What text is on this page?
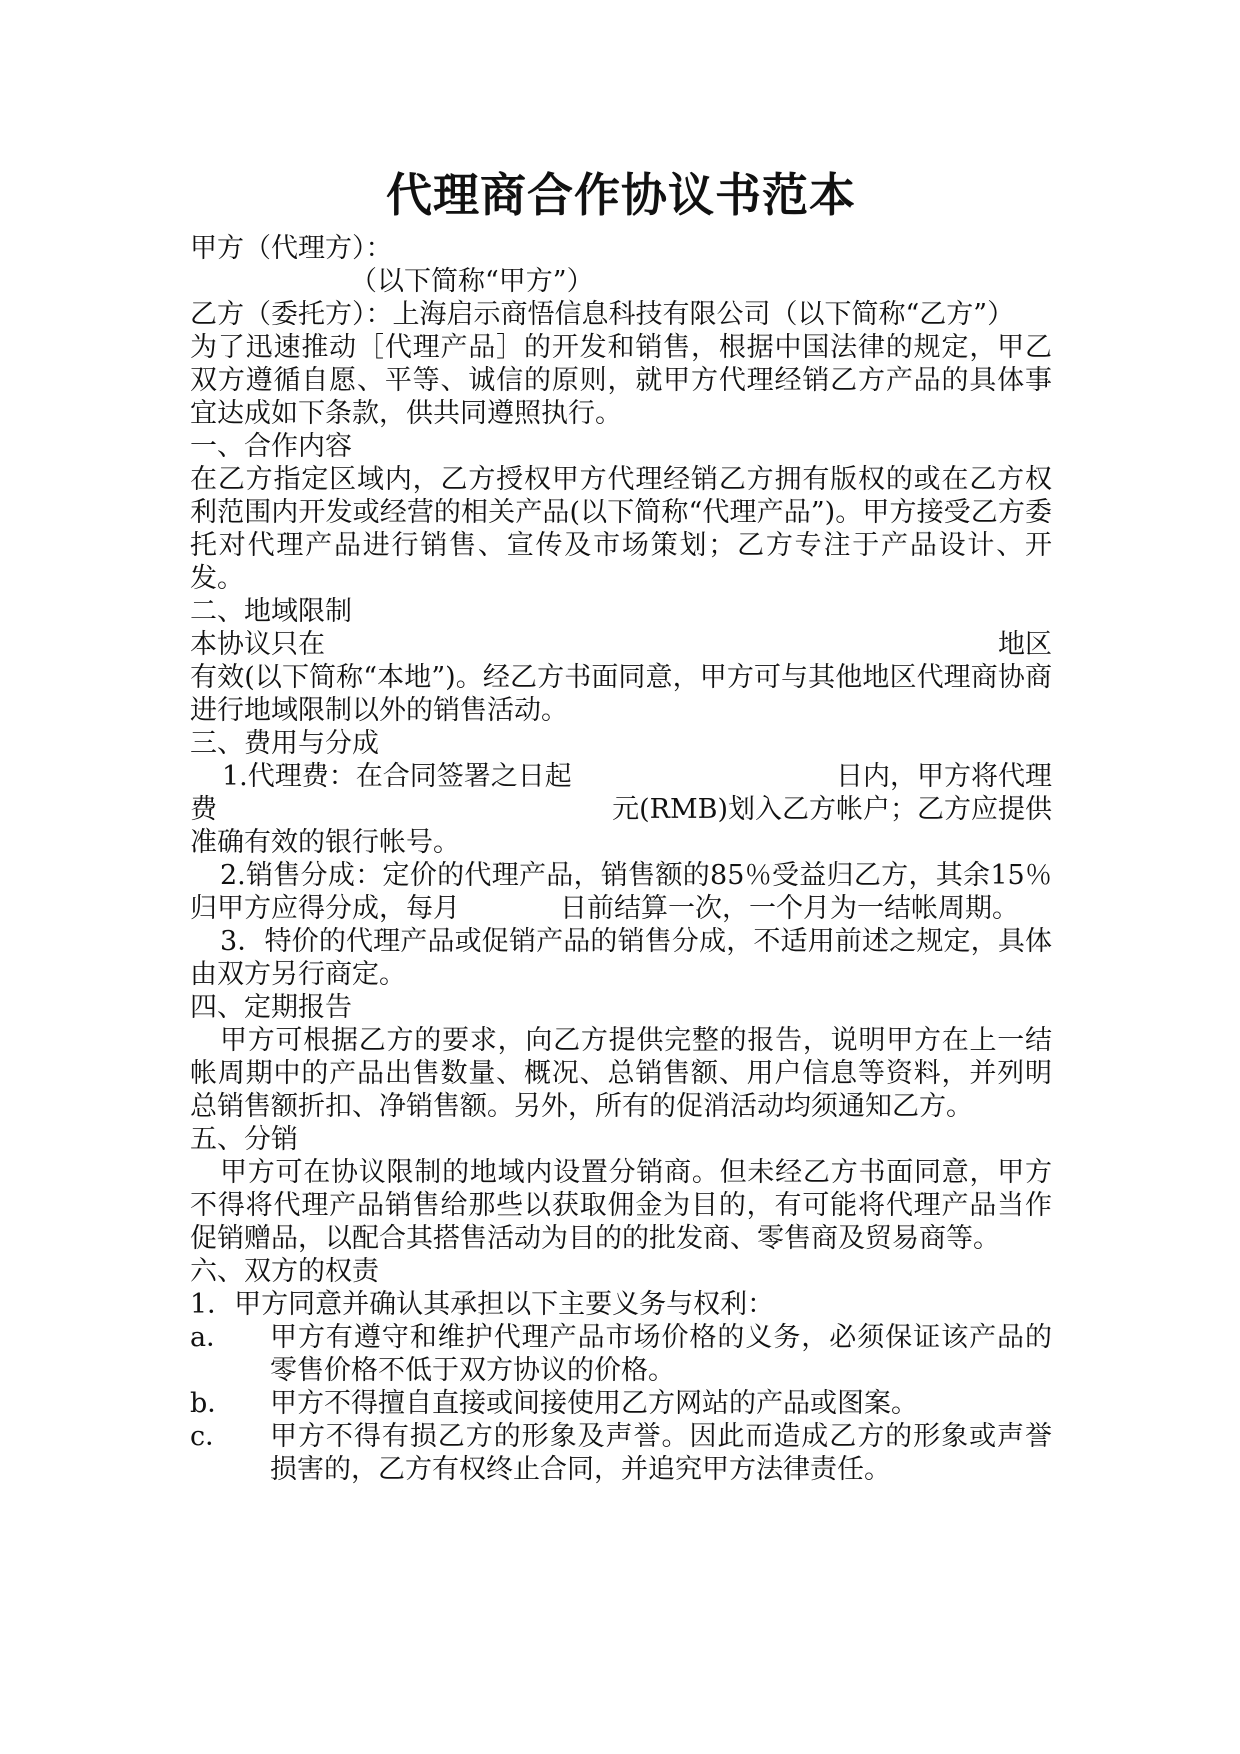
代理商合作协议书范本

甲方（代理方）：

（以下简称“甲方”）

乙方（委托方）：上海启示商悟信息科技有限公司（以下简称“乙方”）

为了迅速推动［代理产品］的开发和销售，根据中国法律的规定，甲乙双方遵循自愿、平等、诚信的原则，就甲方代理经销乙方产品的具体事宜达成如下条款，供共同遵照执行。

一、合作内容

在乙方指定区域内，乙方授权甲方代理经销乙方拥有版权的或在乙方权利范围内开发或经营的相关产品(以下简称“代理产品”)。甲方接受乙方委托对代理产品进行销售、宣传及市场策划；乙方专注于产品设计、开发。

二、地域限制

本协议只在	地区

有效(以下简称“本地”)。经乙方书面同意，甲方可与其他地区代理商协商进行地域限制以外的销售活动。

三、费用与分成

1.代理费：在合同签署之日起	日内，甲方将代理
费	元(RMB)划入乙方帐户；乙方应提供

准确有效的银行帐号。

2.销售分成：定价的代理产品，销售额的85％受益归乙方，其余15％归甲方应得分成，每月	日前结算一次，一个月为一结帐周期。

3．特价的代理产品或促销产品的销售分成，不适用前述之规定，具体由双方另行商定。

四、定期报告

甲方可根据乙方的要求，向乙方提供完整的报告，说明甲方在上一结帐周期中的产品出售数量、概况、总销售额、用户信息等资料，并列明总销售额折扣、净销售额。另外，所有的促消活动均须通知乙方。

五、分销

甲方可在协议限制的地域内设置分销商。但未经乙方书面同意，甲方不得将代理产品销售给那些以获取佣金为目的，有可能将代理产品当作促销赠品，以配合其搭售活动为目的的批发商、零售商及贸易商等。

六、双方的权责

1．甲方同意并确认其承担以下主要义务与权利：

a．	甲方有遵守和维护代理产品市场价格的义务，必须保证该产品的零售价格不低于双方协议的价格。
b．	甲方不得擅自直接或间接使用乙方网站的产品或图案。
c．	甲方不得有损乙方的形象及声誉。因此而造成乙方的形象或声誉损害的，乙方有权终止合同，并追究甲方法律责任。
